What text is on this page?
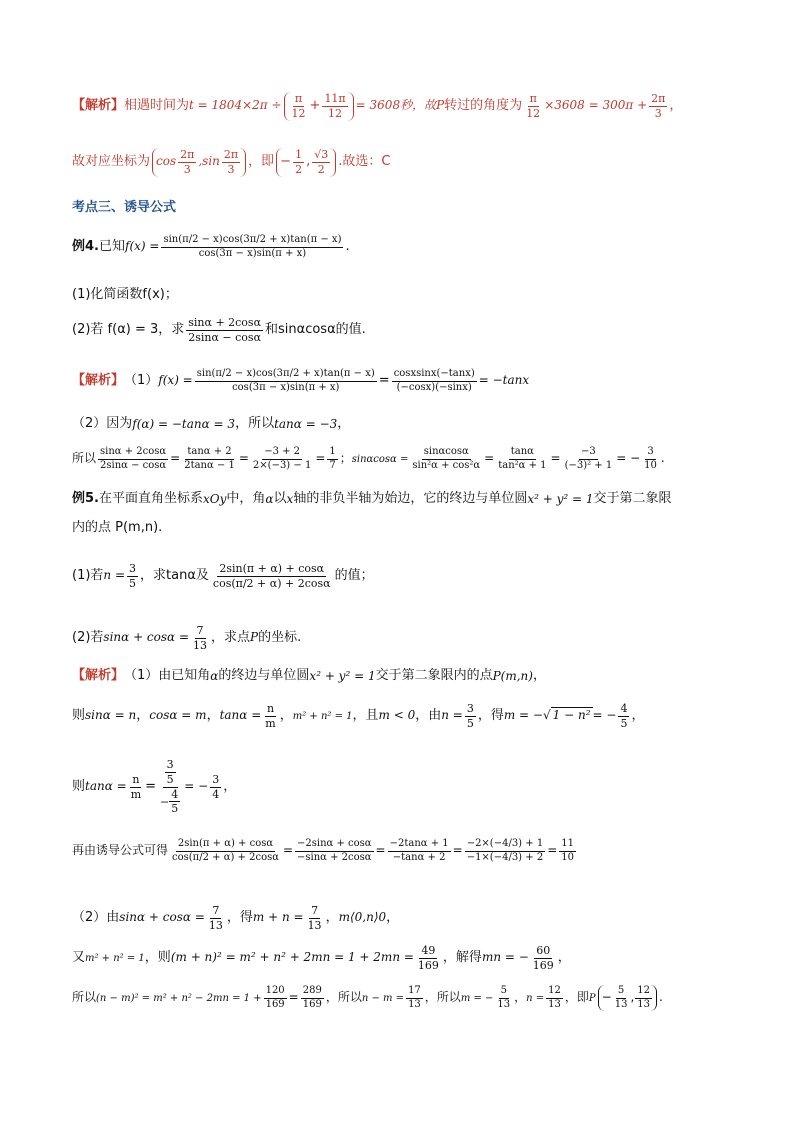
【解析】 相遇时间为 $t = 1804\times 2\pi \div \frac{\pi}{12} + \frac{11\pi}{12} = 3608$秒，故 P 转过的角度为 $\frac{\pi}{12} \times 3608 = 300\pi + \frac{2\pi}{3}$ ，
故对应坐标为 $\cos \frac{2\pi}{3} ,\sin \frac{2\pi}{3}$ ，即 − $\frac{1}{2}$ , $\frac{√3}{2}$ .故选：C
考点三、诱导公式
例4. 已知 $f(x) = \frac{\sin(\pi/2 - x)\cos(3\pi/2 + x)\tan(\pi - x)}{\cos(3\pi - x)\sin(\pi + x)}$ .
(1)化简函数f(x)；
(2)若 f(α) = 3，求 $\frac{\sin\alpha + 2\cos\alpha}{2\sin\alpha - \cos\alpha}$ 和sinαcosα的值.
【解析】 （1） $f(x) = \frac{\sin(\pi/2 - x)\cos(3\pi/2 + x)\tan(\pi - x)}{\cos(3\pi - x)\sin(\pi + x)} = \frac{\text{cosxsinx(−tanx)}}{(-\cos x)(-\sin x)} = -\tan x$
（2）因为 f(α) = −tanα = 3 ，所以 tanα = −3 ，
所以 $\frac{\sin\alpha + 2\cos\alpha}{2\sin\alpha - \cos\alpha} = \frac{\tan\alpha + 2}{2\tan\alpha - 1} = \frac{-3 + 2}{2\times(-3) - 1} = \frac{1}{7}$ ； $\sin\alpha\cos\alpha = \frac{\sin\alpha\cos\alpha}{\text{sin²α + cos²α}} = \frac{\tan\alpha}{\text{tan²α + 1}} = \frac{-3}{\text{(−3)² + 1}}$ = − $\frac{3}{10}$ .
例5. 在平面直角坐标系 xOy 中，角 α 以 x 轴的非负半轴为始边，它的终边与单位圆 x² + y² = 1 交于第二象限
内的点 P(m,n).
(1)若 $n = \frac{3}{5}$ ，求tanα及 $\frac{2\sin(\pi + \alpha) + \cos\alpha}{\cos(\pi/2 + \alpha) + 2\cos\alpha}$ 的值；
(2)若 $\sin\alpha + \cos\alpha = \frac{7}{13}$ ，求点 P 的坐标.
【解析】 （1）由已知角 α 的终边与单位圆 x² + y² = 1 交于第二象限内的点 P(m,n) ，
则 sinα = n ， cosα = m ， $\tan\alpha = \frac{n}{m}$ ， m² + n² = 1 ，且 m < 0 ，由 $n = \frac{3}{5}$ ，得 m = − √ 1 − n² = − $\frac{4}{5}$ ，
则 $\tan\alpha = \frac{n}{m} = \frac{\frac{3}{5}}{- \frac{4}{5}}$ = − $\frac{3}{4}$ ，
再由诱导公式可得 $\frac{2\sin(\pi + \alpha) + \cos\alpha}{\cos(\pi/2 + \alpha) + 2\cos\alpha} = \frac{-2\sin\alpha + \cos\alpha}{-\sin\alpha + 2\cos\alpha} = \frac{-2\tan\alpha + 1}{-\tan\alpha + 2} = \frac{-2\times(-4/3) + 1}{-1\times(-4/3) + 2} = \frac{11}{10}$
（2）由 $\sin\alpha + \cos\alpha = \frac{7}{13}$ ，得 $m + n = \frac{7}{13}$ ， m⟨0,n⟩0 ，
又 m² + n² = 1 ，则 $(m + n)^2 = m^2 + n^2 + 2mn = 1 + 2mn = \frac{49}{169}$ ，解得 mn = − $\frac{60}{169}$ ，
所以 $(n - m)^2 = m^2 + n^2 - 2mn = 1 + \frac{120}{169} = \frac{289}{169}$ ，所以 $n - m = \frac{17}{13}$ ，所以 m = − $\frac{5}{13}$ ， $n = \frac{12}{13}$ ，即 $P - \frac{5}{13}$ , $\frac{12}{13}$ .
